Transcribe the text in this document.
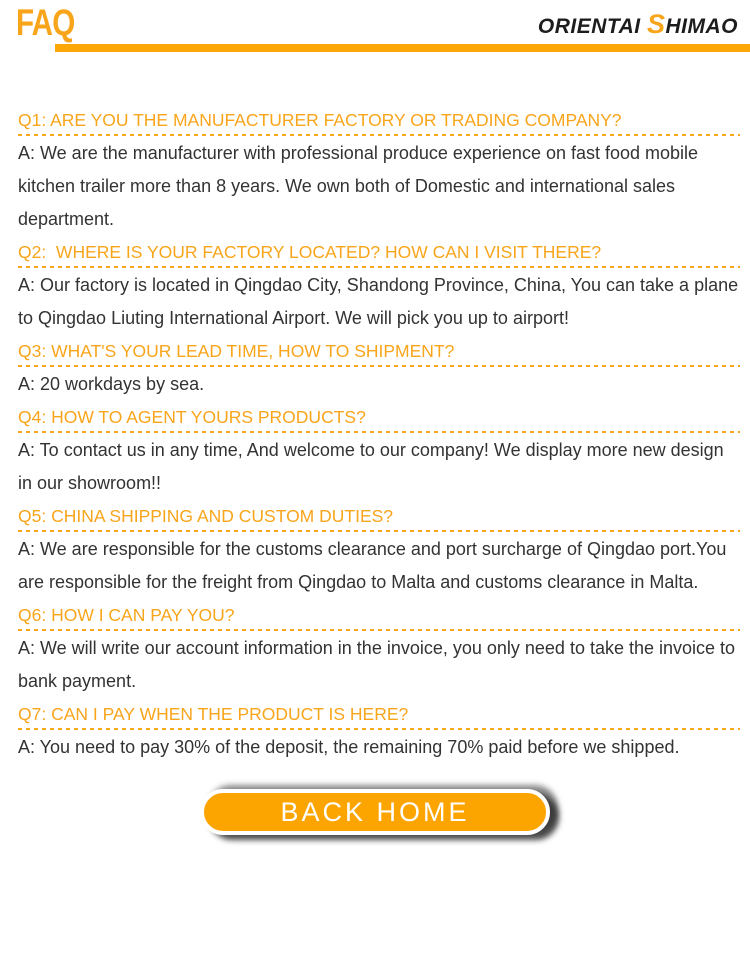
FAQ	ORIENTAI SHIMAO
Q1: ARE YOU THE MANUFACTURER FACTORY OR TRADING COMPANY?

A: We are the manufacturer with professional produce experience on fast food mobile kitchen trailer more than 8 years. We own both of Domestic and international sales department.

Q2:  WHERE IS YOUR FACTORY LOCATED? HOW CAN I VISIT THERE?

A: Our factory is located in Qingdao City, Shandong Province, China, You can take a plane to Qingdao Liuting International Airport. We will pick you up to airport!

Q3: WHAT'S YOUR LEAD TIME, HOW TO SHIPMENT?

A: 20 workdays by sea.

Q4: HOW TO AGENT YOURS PRODUCTS?

A: To contact us in any time, And welcome to our company! We display more new design in our showroom!!

Q5: CHINA SHIPPING AND CUSTOM DUTIES?

A: We are responsible for the customs clearance and port surcharge of Qingdao port.You are responsible for the freight from Qingdao to Malta and customs clearance in Malta.

Q6: HOW I CAN PAY YOU?

A: We will write our account information in the invoice, you only need to take the invoice to bank payment.

Q7: CAN I PAY WHEN THE PRODUCT IS HERE?

A: You need to pay 30% of the deposit, the remaining 70% paid before we shipped.

BACK HOME
